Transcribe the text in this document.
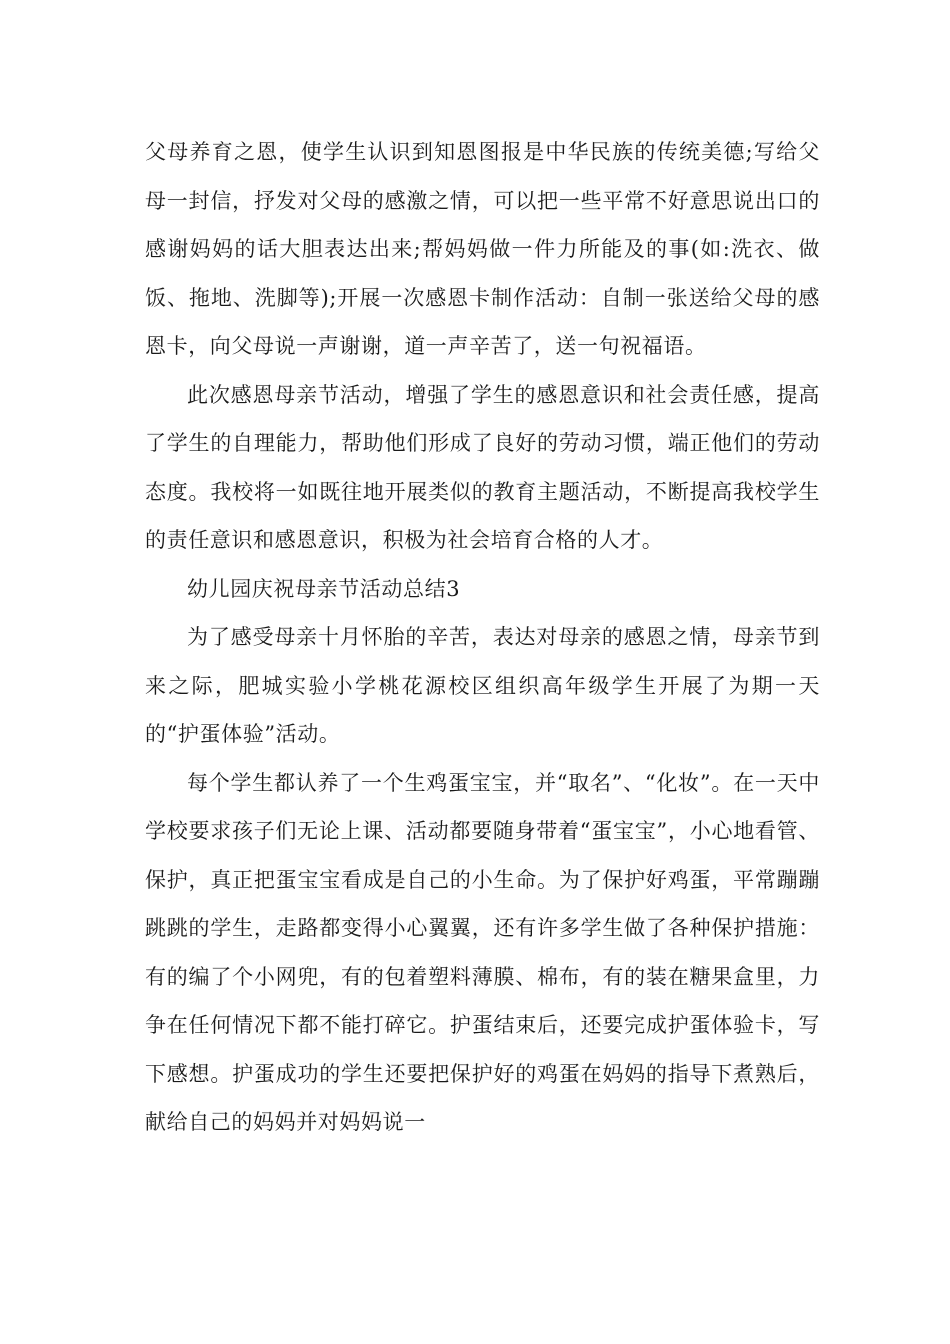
父母养育之恩，使学生认识到知恩图报是中华民族的传统美德;写给父母一封信，抒发对父母的感激之情，可以把一些平常不好意思说出口的感谢妈妈的话大胆表达出来;帮妈妈做一件力所能及的事(如:洗衣、做饭、拖地、洗脚等);开展一次感恩卡制作活动：自制一张送给父母的感恩卡，向父母说一声谢谢，道一声辛苦了，送一句祝福语。

此次感恩母亲节活动，增强了学生的感恩意识和社会责任感，提高了学生的自理能力，帮助他们形成了良好的劳动习惯，端正他们的劳动态度。我校将一如既往地开展类似的教育主题活动，不断提高我校学生的责任意识和感恩意识，积极为社会培育合格的人才。

幼儿园庆祝母亲节活动总结3

为了感受母亲十月怀胎的辛苦，表达对母亲的感恩之情，母亲节到来之际，肥城实验小学桃花源校区组织高年级学生开展了为期一天的“护蛋体验”活动。

每个学生都认养了一个生鸡蛋宝宝，并“取名”、“化妆”。在一天中学校要求孩子们无论上课、活动都要随身带着“蛋宝宝”，小心地看管、保护，真正把蛋宝宝看成是自己的小生命。为了保护好鸡蛋，平常蹦蹦跳跳的学生，走路都变得小心翼翼，还有许多学生做了各种保护措施：有的编了个小网兜，有的包着塑料薄膜、棉布，有的装在糖果盒里，力争在任何情况下都不能打碎它。护蛋结束后，还要完成护蛋体验卡，写下感想。护蛋成功的学生还要把保护好的鸡蛋在妈妈的指导下煮熟后，献给自己的妈妈并对妈妈说一
